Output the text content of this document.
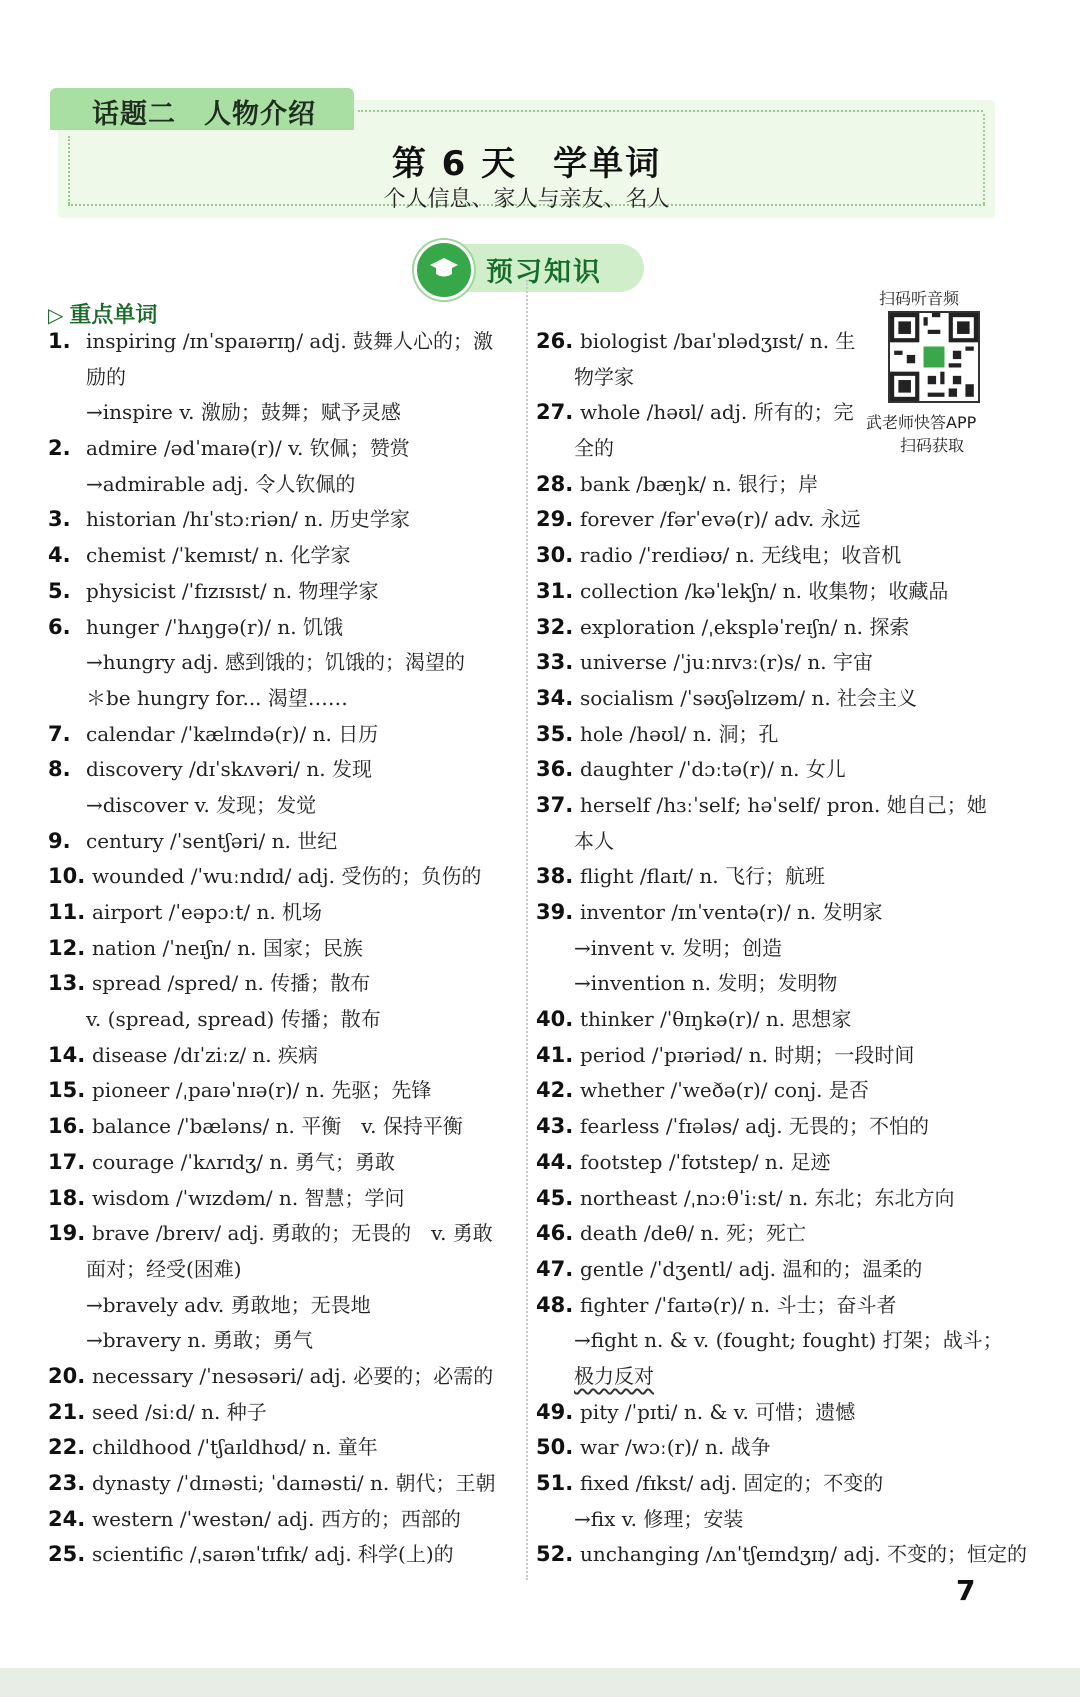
第 6 天　学单词
个人信息、家人与亲友、名人
话题二　人物介绍
预习知识
▷ 重点单词
1. inspiring /ɪnˈspaɪərɪŋ/ adj. 鼓舞人心的；激
励的
→inspire v. 激励；鼓舞；赋予灵感
2. admire /ədˈmaɪə(r)/ v. 钦佩；赞赏
→admirable adj. 令人钦佩的
3. historian /hɪˈstɔːriən/ n. 历史学家
4. chemist /ˈkemɪst/ n. 化学家
5. physicist /ˈfɪzɪsɪst/ n. 物理学家
6. hunger /ˈhʌŋɡə(r)/ n. 饥饿
→hungry adj. 感到饿的；饥饿的；渴望的
＊be hungry for... 渴望……
7. calendar /ˈkælɪndə(r)/ n. 日历
8. discovery /dɪˈskʌvəri/ n. 发现
→discover v. 发现；发觉
9. century /ˈsentʃəri/ n. 世纪
10. wounded /ˈwuːndɪd/ adj. 受伤的；负伤的
11. airport /ˈeəpɔːt/ n. 机场
12. nation /ˈneɪʃn/ n. 国家；民族
13. spread /spred/ n. 传播；散布
v. (spread, spread) 传播；散布
14. disease /dɪˈziːz/ n. 疾病
15. pioneer /ˌpaɪəˈnɪə(r)/ n. 先驱；先锋
16. balance /ˈbæləns/ n. 平衡　v. 保持平衡
17. courage /ˈkʌrɪdʒ/ n. 勇气；勇敢
18. wisdom /ˈwɪzdəm/ n. 智慧；学问
19. brave /breɪv/ adj. 勇敢的；无畏的　v. 勇敢
面对；经受(困难)
→bravely adv. 勇敢地；无畏地
→bravery n. 勇敢；勇气
20. necessary /ˈnesəsəri/ adj. 必要的；必需的
21. seed /siːd/ n. 种子
22. childhood /ˈtʃaɪldhʊd/ n. 童年
23. dynasty /ˈdɪnəsti; ˈdaɪnəsti/ n. 朝代；王朝
24. western /ˈwestən/ adj. 西方的；西部的
25. scientific /ˌsaɪənˈtɪfɪk/ adj. 科学(上)的
26. biologist /baɪˈɒlədʒɪst/ n. 生
物学家
27. whole /həʊl/ adj. 所有的；完
全的
28. bank /bæŋk/ n. 银行；岸
29. forever /fərˈevə(r)/ adv. 永远
30. radio /ˈreɪdiəʊ/ n. 无线电；收音机
31. collection /kəˈlekʃn/ n. 收集物；收藏品
32. exploration /ˌekspləˈreɪʃn/ n. 探索
33. universe /ˈjuːnɪvɜː(r)s/ n. 宇宙
34. socialism /ˈsəʊʃəlɪzəm/ n. 社会主义
35. hole /həʊl/ n. 洞；孔
36. daughter /ˈdɔːtə(r)/ n. 女儿
37. herself /hɜːˈself; həˈself/ pron. 她自己；她
本人
38. flight /flaɪt/ n. 飞行；航班
39. inventor /ɪnˈventə(r)/ n. 发明家
→invent v. 发明；创造
→invention n. 发明；发明物
40. thinker /ˈθɪŋkə(r)/ n. 思想家
41. period /ˈpɪəriəd/ n. 时期；一段时间
42. whether /ˈweðə(r)/ conj. 是否
43. fearless /ˈfɪələs/ adj. 无畏的；不怕的
44. footstep /ˈfʊtstep/ n. 足迹
45. northeast /ˌnɔːθˈiːst/ n. 东北；东北方向
46. death /deθ/ n. 死；死亡
47. gentle /ˈdʒentl/ adj. 温和的；温柔的
48. fighter /ˈfaɪtə(r)/ n. 斗士；奋斗者
→fight n. & v. (fought; fought) 打架；战斗；
极力反对
49. pity /ˈpɪti/ n. & v. 可惜；遗憾
50. war /wɔː(r)/ n. 战争
51. fixed /fɪkst/ adj. 固定的；不变的
→fix v. 修理；安装
52. unchanging /ʌnˈtʃeɪndʒɪŋ/ adj. 不变的；恒定的
扫码听音频
武老师快答APP
扫码获取
7
